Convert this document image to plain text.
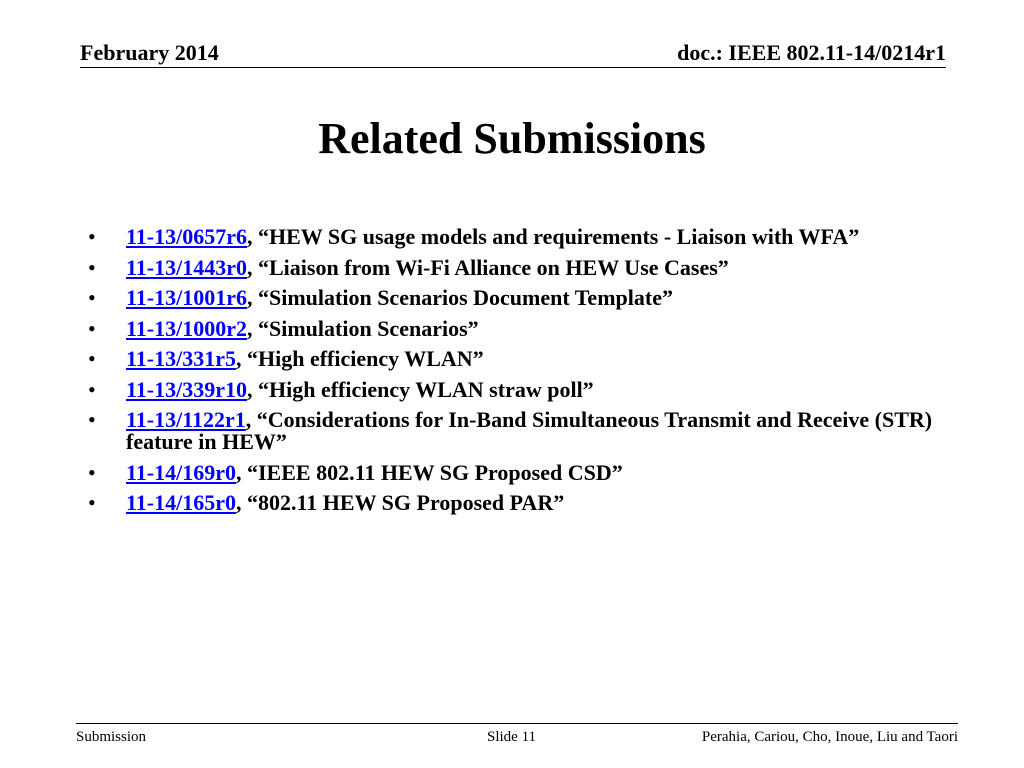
February 2014	doc.: IEEE 802.11-14/0214r1
Related Submissions
• 11-13/0657r6, “HEW SG usage models and requirements - Liaison with WFA”
• 11-13/1443r0, “Liaison from Wi-Fi Alliance on HEW Use Cases”
• 11-13/1001r6, “Simulation Scenarios Document Template”
• 11-13/1000r2, “Simulation Scenarios”
• 11-13/331r5, “High efficiency WLAN”
• 11-13/339r10, “High efficiency WLAN straw poll”
• 11-13/1122r1, “Considerations for In-Band Simultaneous Transmit and Receive (STR) feature in HEW”
• 11-14/169r0, “IEEE 802.11 HEW SG Proposed CSD”
• 11-14/165r0, “802.11 HEW SG Proposed PAR”
Submission	Slide 11	Perahia, Cariou, Cho, Inoue, Liu and Taori
